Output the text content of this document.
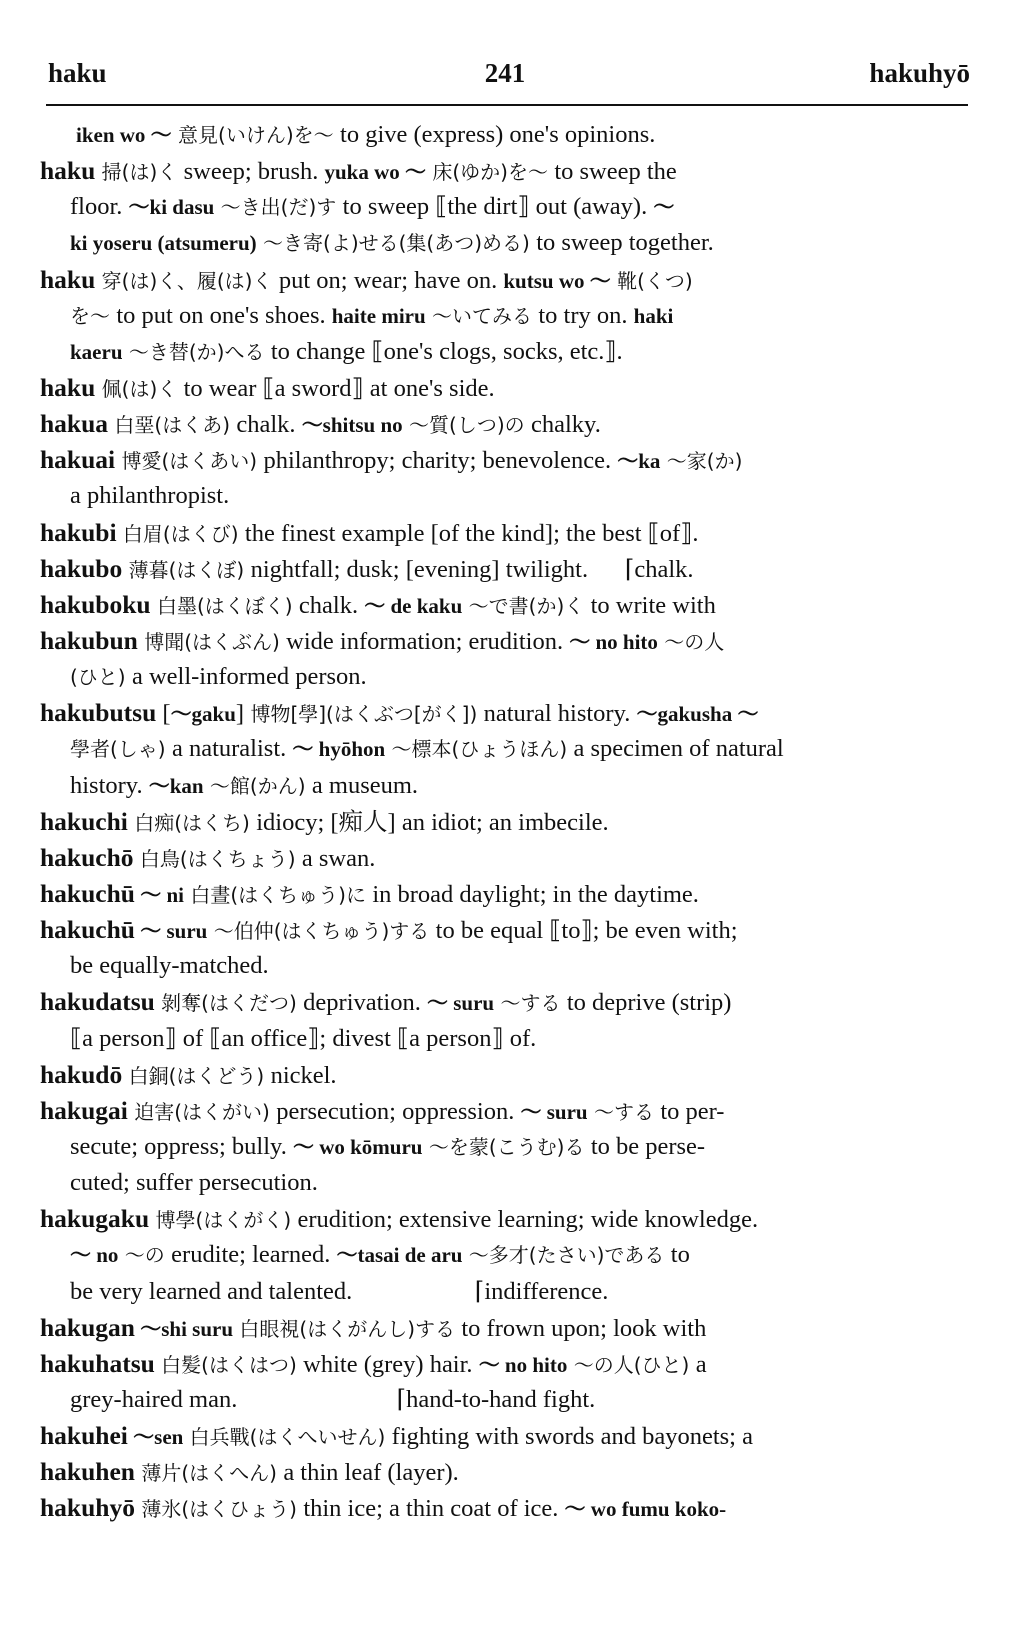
haku	241	hakuhyō
iken wo ～ 意見(いけん)を～ to give (express) one's opinions.
haku 掃(は)く sweep; brush. yuka wo ～ 床(ゆか)を～ to sweep the
floor. ～ki dasu ～き出(だ)す to sweep ⟦the dirt⟧ out (away). ～
ki yoseru (atsumeru) ～き寄(よ)せる(集(あつ)める) to sweep together.
haku 穿(は)く、履(は)く put on; wear; have on. kutsu wo ～ 靴(くつ)
を～ to put on one's shoes. haite miru ～いてみる to try on. haki
kaeru ～き替(か)へる to change ⟦one's clogs, socks, etc.⟧.
haku 佩(は)く to wear ⟦a sword⟧ at one's side.
hakua 白堊(はくあ) chalk. ～shitsu no ～質(しつ)の chalky.
hakuai 博愛(はくあい) philanthropy; charity; benevolence. ～ka ～家(か)
a philanthropist.
hakubi 白眉(はくび) the finest example [of the kind]; the best ⟦of⟧.
hakubo 薄暮(はくぼ) nightfall; dusk; [evening] twilight.      ⌈chalk.
hakuboku 白墨(はくぼく) chalk. ～ de kaku ～で書(か)く to write with
hakubun 博聞(はくぶん) wide information; erudition. ～ no hito ～の人
(ひと) a well-informed person.
hakubutsu [～gaku] 博物[學](はくぶつ[がく]) natural history. ～gakusha ～
學者(しゃ) a naturalist. ～ hyōhon ～標本(ひょうほん) a specimen of natural
history. ～kan ～館(かん) a museum.
hakuchi 白痴(はくち) idiocy; [痴人] an idiot; an imbecile.
hakuchō 白鳥(はくちょう) a swan.
hakuchū ～ ni 白晝(はくちゅう)に in broad daylight; in the daytime.
hakuchū ～ suru ～伯仲(はくちゅう)する to be equal ⟦to⟧; be even with;
be equally-matched.
hakudatsu 剝奪(はくだつ) deprivation. ～ suru ～する to deprive (strip)
⟦a person⟧ of ⟦an office⟧; divest ⟦a person⟧ of.
hakudō 白銅(はくどう) nickel.
hakugai 迫害(はくがい) persecution; oppression. ～ suru ～する to per-
secute; oppress; bully. ～ wo kōmuru ～を蒙(こうむ)る to be perse-
cuted; suffer persecution.
hakugaku 博學(はくがく) erudition; extensive learning; wide knowledge.
～ no ～の erudite; learned. ～tasai de aru ～多才(たさい)である to
be very learned and talented.                    ⌈indifference.
hakugan ～shi suru 白眼視(はくがんし)する to frown upon; look with
hakuhatsu 白髪(はくはつ) white (grey) hair. ～ no hito ～の人(ひと) a
grey-haired man.                          ⌈hand-to-hand fight.
hakuhei ～sen 白兵戰(はくへいせん) fighting with swords and bayonets; a
hakuhen 薄片(はくへん) a thin leaf (layer).
hakuhyō 薄氷(はくひょう) thin ice; a thin coat of ice. ～ wo fumu koko-
